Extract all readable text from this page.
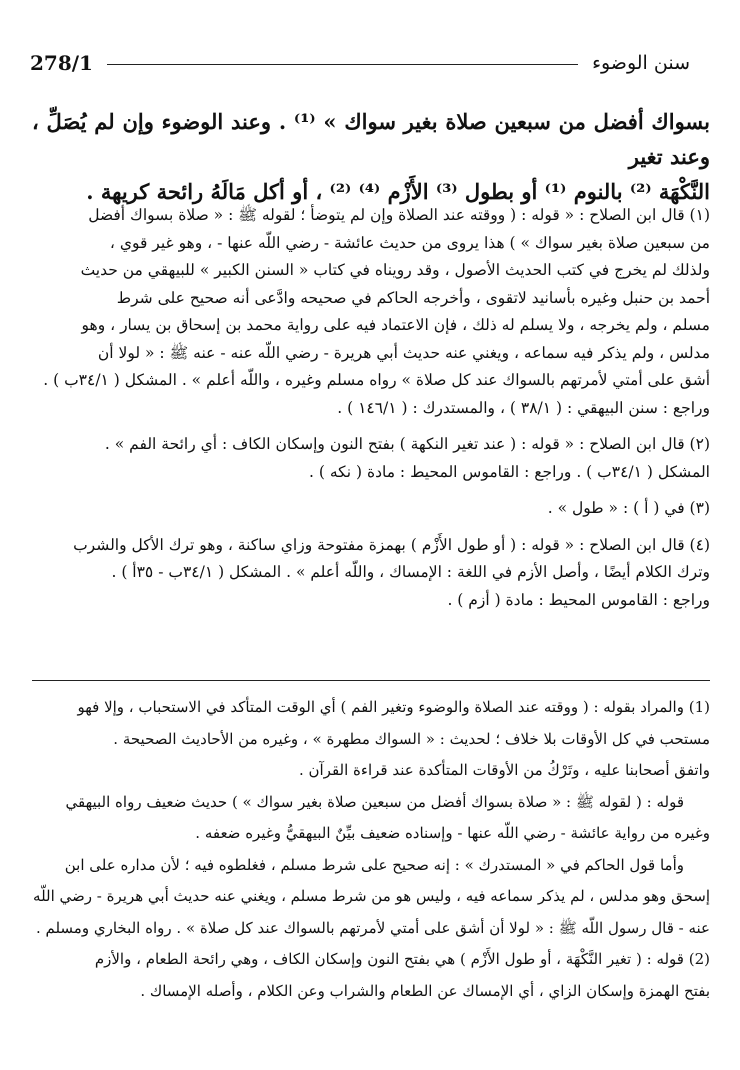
278/1	سنن الوضوء

بسواك أفضل من سبعين صلاة بغير سواك » ⁽¹⁾ . وعند الوضوء وإن لم يُصَلِّ ، وعند تغير

النَّكْهَة ⁽²⁾ بالنوم ⁽¹⁾ أو بطول ⁽³⁾ الأَزْم ⁽⁴⁾ ⁽²⁾ ، أو أكل مَالَهُ رائحة كريهة .

(١) قال ابن الصلاح : « قوله : ( ووقته عند الصلاة وإن لم يتوضأ ؛ لقوله ﷺ : « صلاة بسواك أفضل

من سبعين صلاة بغير سواك » ) هذا يروى من حديث عائشة - رضي اللّه عنها - ، وهو غير قوي ،

ولذلك لم يخرج في كتب الحديث الأصول ، وقد رويناه في كتاب « السنن الكبير » للبيهقي من حديث

أحمد بن حنبل وغيره بأسانيد لاتقوى ، وأخرجه الحاكم في صحيحه وادَّعى أنه صحيح على شرط

مسلم ، ولم يخرجه ، ولا يسلم له ذلك ، فإن الاعتماد فيه على رواية محمد بن إسحاق بن يسار ، وهو

مدلس ، ولم يذكر فيه سماعه ، ويغني عنه حديث أبي هريرة - رضي اللّه عنه - عنه ﷺ : « لولا أن

أشق على أمتي لأمرتهم بالسواك عند كل صلاة » رواه مسلم وغيره ، واللّه أعلم » . المشكل ( ٣٤/١ب ) .

وراجع : سنن البيهقي : ( ٣٨/١ ) ، والمستدرك : ( ١٤٦/١ ) .

(٢) قال ابن الصلاح : « قوله : ( عند تغير النكهة ) بفتح النون وإسكان الكاف : أي رائحة الفم » .

المشكل ( ٣٤/١ب ) . وراجع : القاموس المحيط : مادة ( نكه ) .

(٣) في ( أ ) : « طول » .

(٤) قال ابن الصلاح : « قوله : ( أو طول الأَزْم ) بهمزة مفتوحة وزاي ساكنة ، وهو ترك الأكل والشرب

وترك الكلام أيضًا ، وأصل الأزم في اللغة : الإمساك ، واللّه أعلم » . المشكل ( ٣٤/١ب - ٣٥أ ) .

وراجع : القاموس المحيط : مادة ( أزم ) .

(1) والمراد بقوله : ( ووقته عند الصلاة والوضوء وتغير الفم ) أي الوقت المتأكد في الاستحباب ، وإلا فهو

مستحب في كل الأوقات بلا خلاف ؛ لحديث : « السواك مطهرة » ، وغيره من الأحاديث الصحيحة .

واتفق أصحابنا عليه ، وتَرْكُ من الأوقات المتأكدة عند قراءة القرآن .

قوله : ( لقوله ﷺ : « صلاة بسواك أفضل من سبعين صلاة بغير سواك » ) حديث ضعيف رواه البيهقي

وغيره من رواية عائشة - رضي اللّه عنها - وإسناده ضعيف بيِّنٌ البيهقيُّ وغيره ضعفه .

وأما قول الحاكم في « المستدرك » : إنه صحيح على شرط مسلم ، فغلطوه فيه ؛ لأن مداره على ابن

إسحق وهو مدلس ، لم يذكر سماعه فيه ، وليس هو من شرط مسلم ، ويغني عنه حديث أبي هريرة - رضي اللّه

عنه - قال رسول اللّه ﷺ : « لولا أن أشق على أمتي لأمرتهم بالسواك عند كل صلاة » . رواه البخاري ومسلم .

(2) قوله : ( تغير النَّكْهَة ، أو طول الأَزْم ) هي بفتح النون وإسكان الكاف ، وهي رائحة الطعام ، والأزم

بفتح الهمزة وإسكان الزاي ، أي الإمساك عن الطعام والشراب وعن الكلام ، وأصله الإمساك .
